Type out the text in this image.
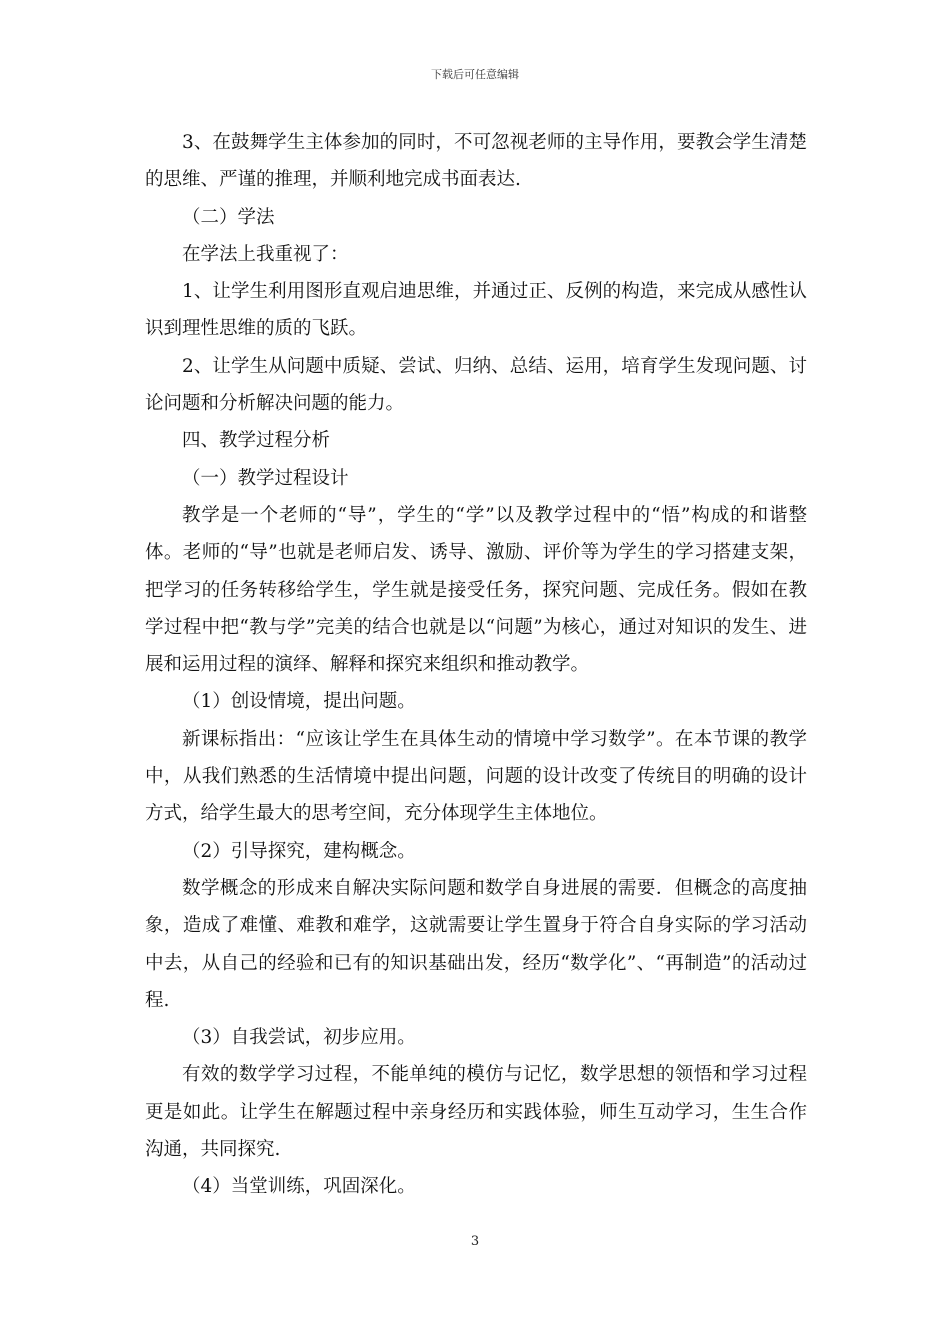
下载后可任意编辑

3、在鼓舞学生主体参加的同时，不可忽视老师的主导作用，要教会学生清楚的思维、严谨的推理，并顺利地完成书面表达.

（二）学法

在学法上我重视了：

1、让学生利用图形直观启迪思维，并通过正、反例的构造，来完成从感性认识到理性思维的质的飞跃。

2、让学生从问题中质疑、尝试、归纳、总结、运用，培育学生发现问题、讨论问题和分析解决问题的能力。

四、教学过程分析

（一）教学过程设计

教学是一个老师的“导”，学生的“学”以及教学过程中的“悟”构成的和谐整体。老师的“导”也就是老师启发、诱导、激励、评价等为学生的学习搭建支架，把学习的任务转移给学生，学生就是接受任务，探究问题、完成任务。假如在教学过程中把“教与学”完美的结合也就是以“问题”为核心，通过对知识的发生、进展和运用过程的演绎、解释和探究来组织和推动教学。

（1）创设情境，提出问题。

新课标指出：“应该让学生在具体生动的情境中学习数学”。在本节课的教学中，从我们熟悉的生活情境中提出问题，问题的设计改变了传统目的明确的设计方式，给学生最大的思考空间，充分体现学生主体地位。

（2）引导探究，建构概念。

数学概念的形成来自解决实际问题和数学自身进展的需要．但概念的高度抽象，造成了难懂、难教和难学，这就需要让学生置身于符合自身实际的学习活动中去，从自己的经验和已有的知识基础出发，经历“数学化”、“再制造”的活动过程.

（3）自我尝试，初步应用。

有效的数学学习过程，不能单纯的模仿与记忆，数学思想的领悟和学习过程更是如此。让学生在解题过程中亲身经历和实践体验，师生互动学习，生生合作沟通，共同探究.

（4）当堂训练，巩固深化。

3
